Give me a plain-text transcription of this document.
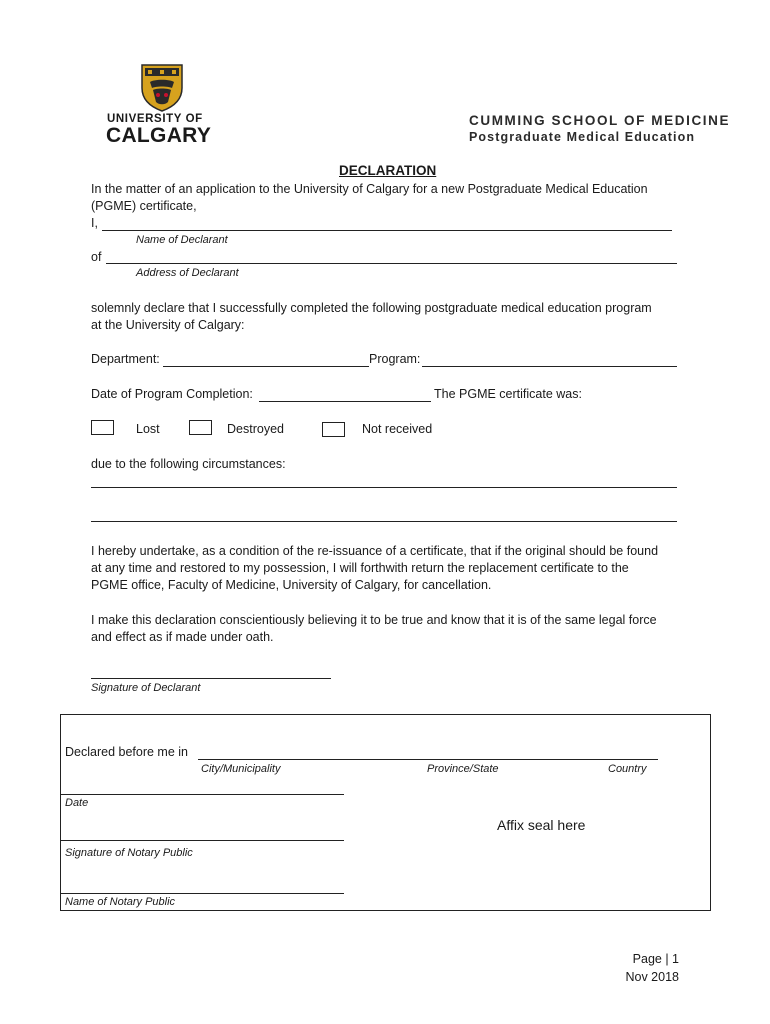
UNIVERSITY OF
CALGARY
CUMMING SCHOOL OF MEDICINE
Postgraduate Medical Education
DECLARATION
In the matter of an application to the University of Calgary for a new Postgraduate Medical Education
(PGME) certificate,
I,
Name of Declarant
of
Address of Declarant
solemnly declare that I successfully completed the following postgraduate medical education program
at the University of Calgary:
Department:	Program:
Date of Program Completion:	The PGME certificate was:
Lost	Destroyed	Not received
due to the following circumstances:
I hereby undertake, as a condition of the re-issuance of a certificate, that if the original should be found
at any time and restored to my possession, I will forthwith return the replacement certificate to the
PGME office, Faculty of Medicine, University of Calgary, for cancellation.
I make this declaration conscientiously believing it to be true and know that it is of the same legal force
and effect as if made under oath.
Signature of Declarant
Declared before me in
City/Municipality	Province/State	Country
Date
Affix seal here
Signature of Notary Public
Name of Notary Public
Page | 1
Nov 2018
